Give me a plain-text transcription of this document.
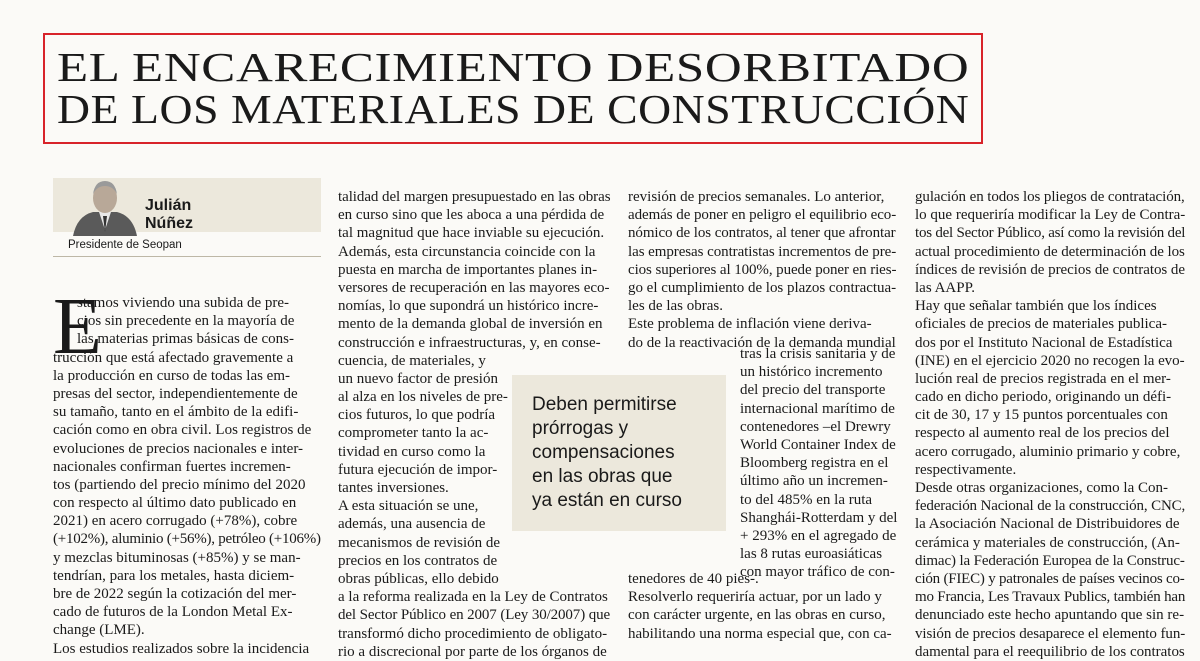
EL ENCARECIMIENTO DESORBITADO
DE LOS MATERIALES DE CONSTRUCCIÓN
Julián
Núñez
Presidente de Seopan
E
stamos viviendo una subida de pre-
cios sin precedente en la mayoría de
las materias primas básicas de cons-
trucción que está afectado gravemente a
la producción en curso de todas las em-
presas del sector, independientemente de
su tamaño, tanto en el ámbito de la edifi-
cación como en obra civil. Los registros de
evoluciones de precios nacionales e inter-
nacionales confirman fuertes incremen-
tos (partiendo del precio mínimo del 2020
con respecto al último dato publicado en
2021) en acero corrugado (+78%), cobre
(+102%), aluminio (+56%), petróleo (+106%)
y mezclas bituminosas (+85%) y se man-
tendrían, para los metales, hasta diciem-
bre de 2022 según la cotización del mer-
cado de futuros de la London Metal Ex-
change (LME).
Los estudios realizados sobre la incidencia
talidad del margen presupuestado en las obras
en curso sino que les aboca a una pérdida de
tal magnitud que hace inviable su ejecución.
Además, esta circunstancia coincide con la
puesta en marcha de importantes planes in-
versores de recuperación en las mayores eco-
nomías, lo que supondrá un histórico incre-
mento de la demanda global de inversión en
construcción e infraestructuras, y, en conse-
cuencia, de materiales, y
un nuevo factor de presión
al alza en los niveles de pre-
cios futuros, lo que podría
comprometer tanto la ac-
tividad en curso como la
futura ejecución de impor-
tantes inversiones.
A esta situación se une,
además, una ausencia de
mecanismos de revisión de
precios en los contratos de
obras públicas, ello debido
a la reforma realizada en la Ley de Contratos
del Sector Público en 2007 (Ley 30/2007) que
transformó dicho procedimiento de obligato-
rio a discrecional por parte de los órganos de
revisión de precios semanales. Lo anterior,
además de poner en peligro el equilibrio eco-
nómico de los contratos, al tener que afrontar
las empresas contratistas incrementos de pre-
cios superiores al 100%, puede poner en ries-
go el cumplimiento de los plazos contractua-
les de las obras.
Este problema de inflación viene deriva-
do de la reactivación de la demanda mundial
tras la crisis sanitaria y de
un histórico incremento
del precio del transporte
internacional marítimo de
contenedores –el Drewry
World Container Index de
Bloomberg registra en el
último año un incremen-
to del 485% en la ruta
Shanghái-Rotterdam y del
+ 293% en el agregado de
las 8 rutas euroasiáticas
con mayor tráfico de con-
tenedores de 40 pies-.
Resolverlo requeriría actuar, por un lado y
con carácter urgente, en las obras en curso,
habilitando una norma especial que, con ca-
gulación en todos los pliegos de contratación,
lo que requeriría modificar la Ley de Contra-
tos del Sector Público, así como la revisión del
actual procedimiento de determinación de los
índices de revisión de precios de contratos de
las AAPP.
Hay que señalar también que los índices
oficiales de precios de materiales publica-
dos por el Instituto Nacional de Estadística
(INE) en el ejercicio 2020 no recogen la evo-
lución real de precios registrada en el mer-
cado en dicho periodo, originando un défi-
cit de 30, 17 y 15 puntos porcentuales con
respecto al aumento real de los precios del
acero corrugado, aluminio primario y cobre,
respectivamente.
Desde otras organizaciones, como la Con-
federación Nacional de la construcción, CNC,
la Asociación Nacional de Distribuidores de
cerámica y materiales de construcción, (An-
dimac) la Federación Europea de la Construc-
ción (FIEC) y patronales de países vecinos co-
mo Francia, Les Travaux Publics, también han
denunciado este hecho apuntando que sin re-
visión de precios desaparece el elemento fun-
damental para el reequilibrio de los contratos
Deben permitirse
prórrogas y
compensaciones
en las obras que
ya están en curso
